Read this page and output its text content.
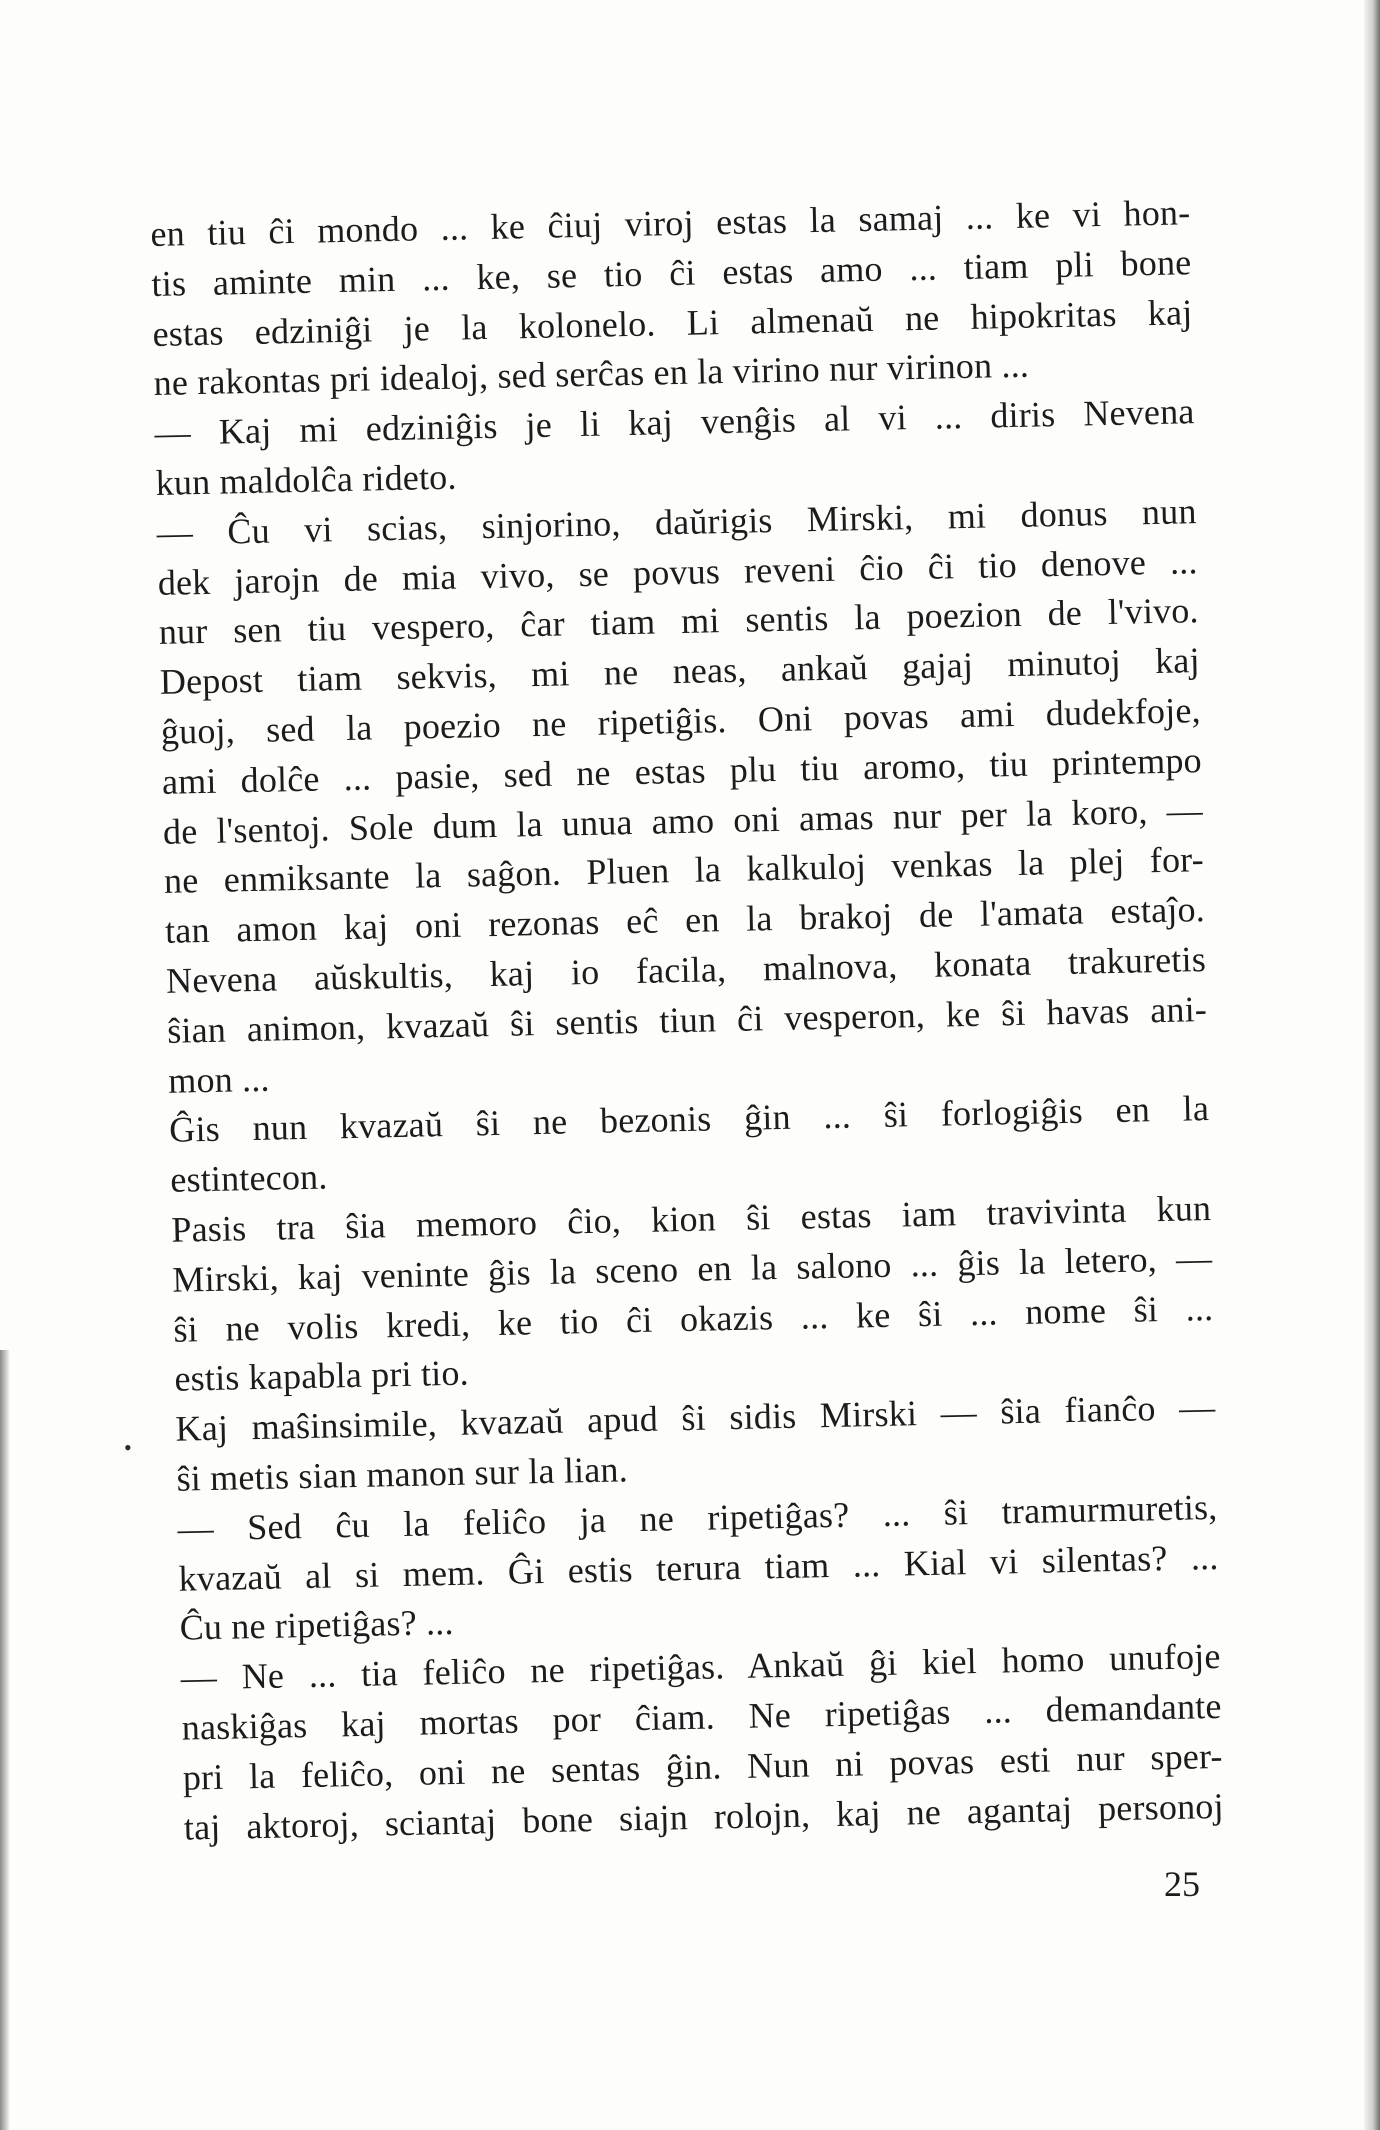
•
en tiu ĉi mondo ... ke ĉiuj viroj estas la samaj ... ke vi hon-
tis aminte min ... ke, se tio ĉi estas amo ... tiam pli bone
estas edziniĝi je la kolonelo. Li almenaŭ ne hipokritas kaj
ne rakontas pri idealoj, sed serĉas en la virino nur virinon ...
— Kaj mi edziniĝis je li kaj venĝis al vi ... diris Nevena
kun maldolĉa rideto.
— Ĉu vi scias, sinjorino, daŭrigis Mirski, mi donus nun
dek jarojn de mia vivo, se povus reveni ĉio ĉi tio denove ...
nur sen tiu vespero, ĉar tiam mi sentis la poezion de l'vivo.
Depost tiam sekvis, mi ne neas, ankaŭ gajaj minutoj kaj
ĝuoj, sed la poezio ne ripetiĝis. Oni povas ami dudekfoje,
ami dolĉe ... pasie, sed ne estas plu tiu aromo, tiu printempo
de l'sentoj. Sole dum la unua amo oni amas nur per la koro, —
ne enmiksante la saĝon. Pluen la kalkuloj venkas la plej for-
tan amon kaj oni rezonas eĉ en la brakoj de l'amata estaĵo.
Nevena aŭskultis, kaj io facila, malnova, konata trakuretis
ŝian animon, kvazaŭ ŝi sentis tiun ĉi vesperon, ke ŝi havas ani-
mon ...
Ĝis nun kvazaŭ ŝi ne bezonis ĝin ... ŝi forlogiĝis en la
estintecon.
Pasis tra ŝia memoro ĉio, kion ŝi estas iam travivinta kun
Mirski, kaj veninte ĝis la sceno en la salono ... ĝis la letero, —
ŝi ne volis kredi, ke tio ĉi okazis ... ke ŝi ... nome ŝi ...
estis kapabla pri tio.
Kaj maŝinsimile, kvazaŭ apud ŝi sidis Mirski — ŝia fianĉo —
ŝi metis sian manon sur la lian.
— Sed ĉu la feliĉo ja ne ripetiĝas? ... ŝi tramurmuretis,
kvazaŭ al si mem. Ĝi estis terura tiam ... Kial vi silentas? ...
Ĉu ne ripetiĝas? ...
— Ne ... tia feliĉo ne ripetiĝas. Ankaŭ ĝi kiel homo unufoje
naskiĝas kaj mortas por ĉiam. Ne ripetiĝas ... demandante
pri la feliĉo, oni ne sentas ĝin. Nun ni povas esti nur sper-
taj aktoroj, sciantaj bone siajn rolojn, kaj ne agantaj personoj
25
